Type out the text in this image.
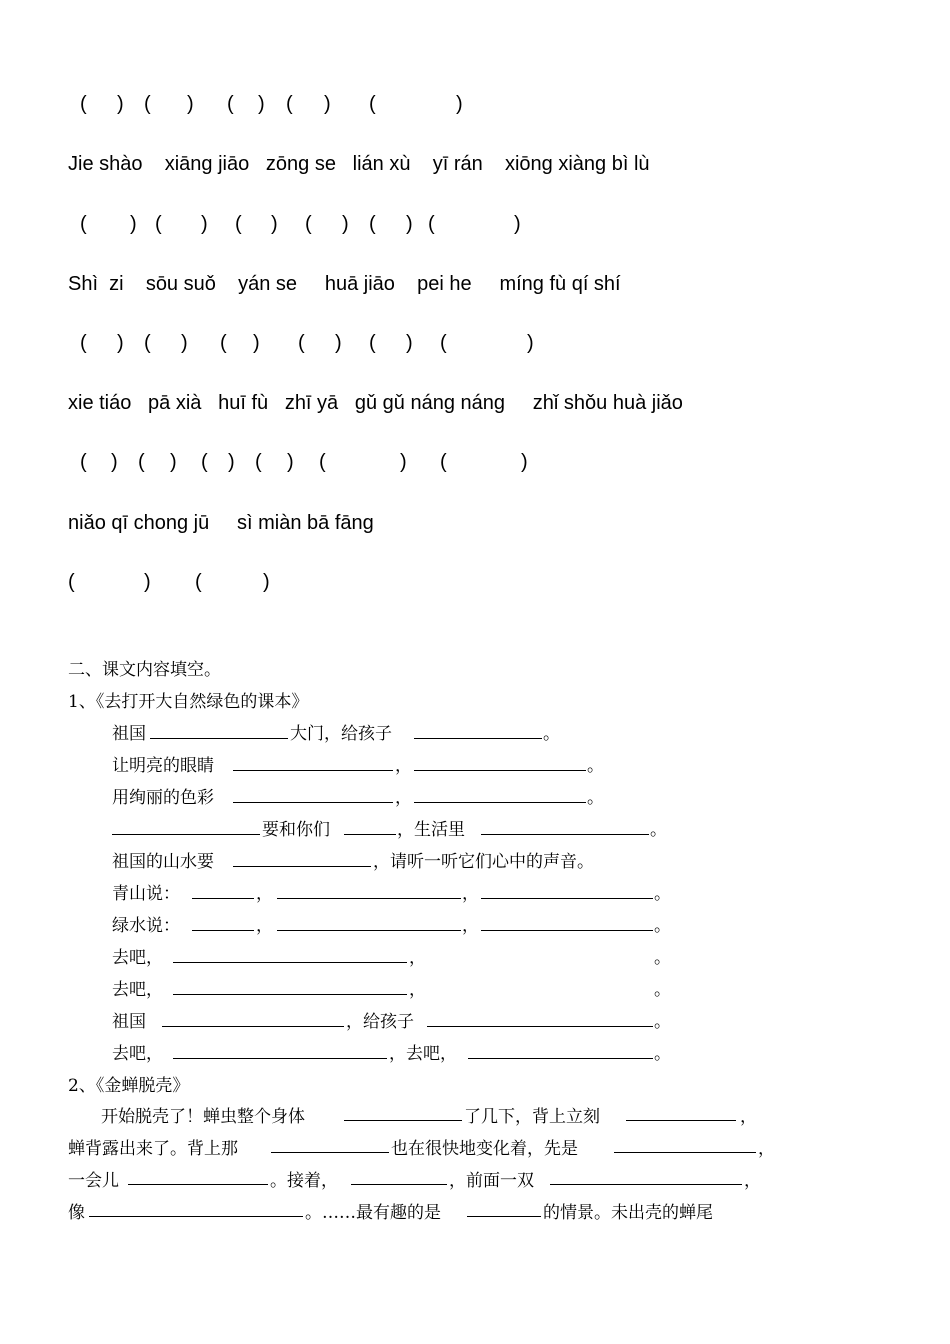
( ) ( ) ( ) ( ) (	)
Jie shào xiānɡ jiāo zōnɡ se lián xù yī rán xiōnɡ xiànɡ bì lù
( ) ( ) ( ) ( ) ( ) (	)
Shì  zi sōu suǒ yán se huā jiāo pei he mínɡ fù qí shí
( ) ( ) ( ) ( ) ( ) (	)
xie tiáo pā xià huī fù zhī yā ɡǔ ɡǔ nánɡ nánɡ zhǐ shǒu huà jiǎo
( ) ( ) ( ) ( ) (	) (	)
niǎo qī chonɡ jū sì miàn bā fānɡ
(	) (	)
二、课文内容填空。
1、《去打开大自然绿色的课本》
祖国	大门，给孩子	。
让明亮的眼睛	，	。
用绚丽的色彩	，	。
要和你们	，生活里	。
祖国的山水要	，请听一听它们心中的声音。
青山说：	，	，	。
绿水说：	，	，	。
去吧，	，	。
去吧，	，	。
祖国	，给孩子	。
去吧，	，去吧，	。
2、《金蝉脱壳》
开始脱壳了！蝉虫整个身体	了几下，背上立刻	，
蝉背露出来了。背上那	也在很快地变化着，先是	，
一会儿	。接着，	，前面一双	，
像	。……最有趣的是	的情景。未出壳的蝉尾
